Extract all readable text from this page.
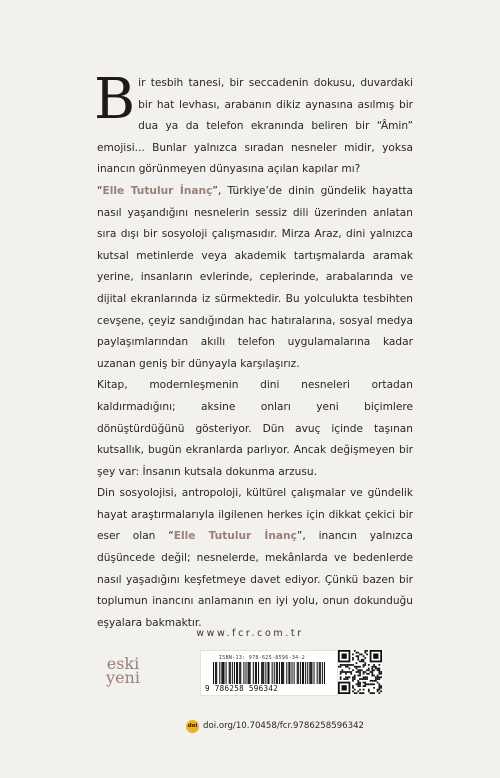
Bir tesbih tanesi, bir seccadenin dokusu, duvardaki bir hat levhası, arabanın dikiz aynasına asılmış bir dua ya da telefon ekranında beliren bir “Âmin” emojisi... Bunlar yalnızca sıradan nesneler midir, yoksa inancın görünmeyen dünyasına açılan kapılar mı?

“Elle Tutulur İnanç”, Türkiye’de dinin gündelik hayatta nasıl yaşandığını nesnelerin sessiz dili üzerinden anlatan sıra dışı bir sosyoloji çalışmasıdır. Mirza Araz, dini yalnızca kutsal metinlerde veya akademik tartışmalarda aramak yerine, insanların evlerinde, ceplerinde, arabalarında ve dijital ekranlarında iz sürmektedir. Bu yolculukta tesbihten cevşene, çeyiz sandığından hac hatıralarına, sosyal medya paylaşımlarından akıllı telefon uygulamalarına kadar uzanan geniş bir dünyayla karşılaşırız.

Kitap, modernleşmenin dini nesneleri ortadan kaldırmadığını; aksine onları yeni biçimlere dönüştürdüğünü gösteriyor. Dün avuç içinde taşınan kutsallık, bugün ekranlarda parlıyor. Ancak değişmeyen bir şey var: İnsanın kutsala dokunma arzusu.

Din sosyolojisi, antropoloji, kültürel çalışmalar ve gündelik hayat araştırmalarıyla ilgilenen herkes için dikkat çekici bir eser olan “Elle Tutulur İnanç”, inancın yalnızca düşüncede değil; nesnelerde, mekânlarda ve bedenlerde nasıl yaşadığını keşfetmeye davet ediyor. Çünkü bazen bir toplumun inancını anlamanın en iyi yolu, onun dokunduğu eşyalara bakmaktır.

www.fcr.com.tr
eski
yeni
ISBN-13: 978-625-8596-34-2
9 786258 596342
doi doi.org/10.70458/fcr.9786258596342
